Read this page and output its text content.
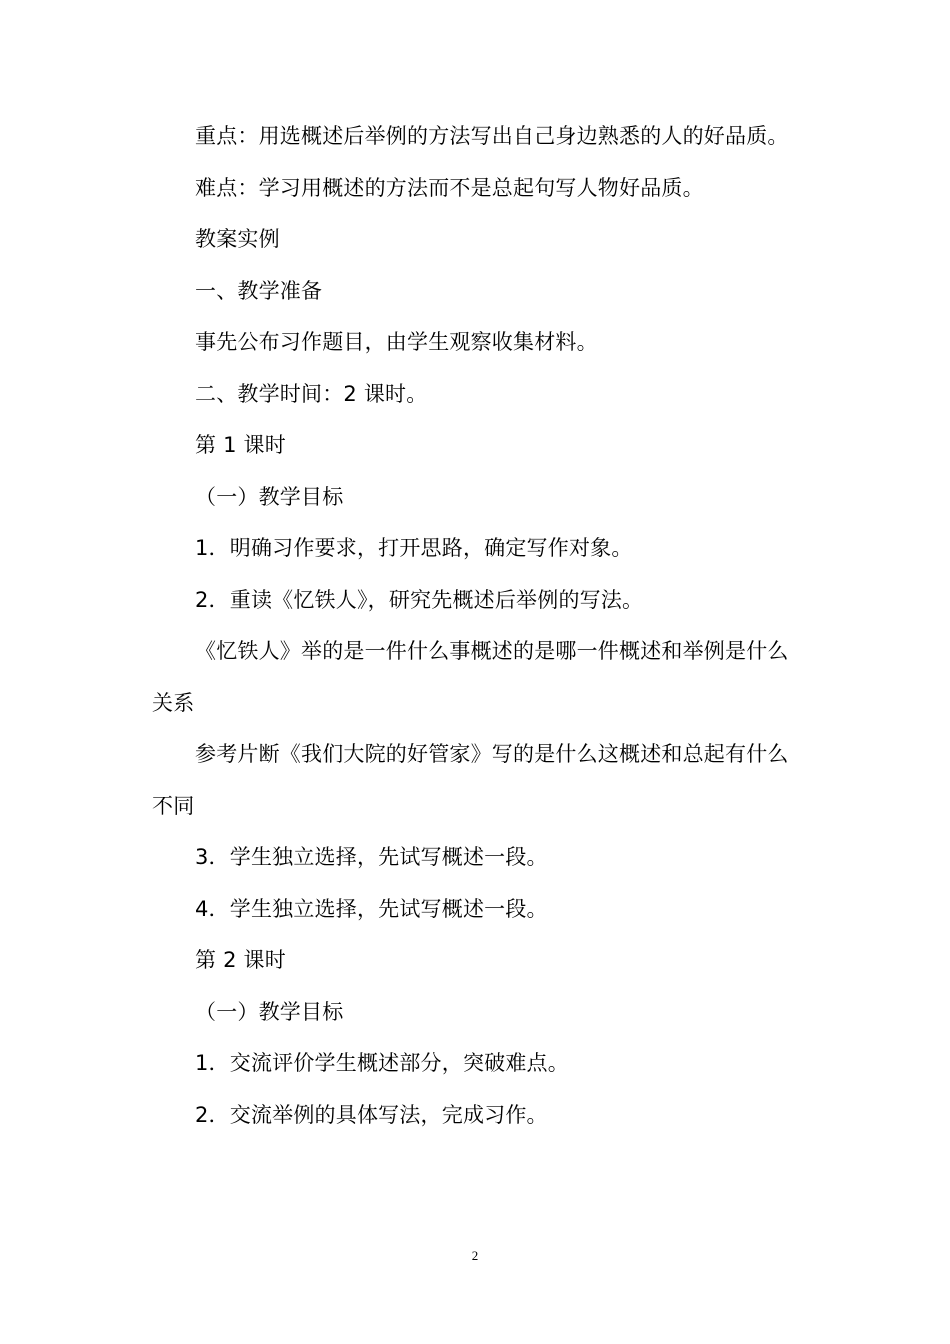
重点：用选概述后举例的方法写出自己身边熟悉的人的好品质。

难点：学习用概述的方法而不是总起句写人物好品质。

教案实例

一、教学准备

事先公布习作题目，由学生观察收集材料。

二、教学时间：2 课时。

第 1 课时

（一）教学目标

1．明确习作要求，打开思路，确定写作对象。

2．重读《忆铁人》，研究先概述后举例的写法。

《忆铁人》举的是一件什么事概述的是哪一件概述和举例是什么关系

参考片断《我们大院的好管家》写的是什么这概述和总起有什么不同

3．学生独立选择，先试写概述一段。

4．学生独立选择，先试写概述一段。

第 2 课时

（一）教学目标

1．交流评价学生概述部分，突破难点。

2．交流举例的具体写法，完成习作。

2
